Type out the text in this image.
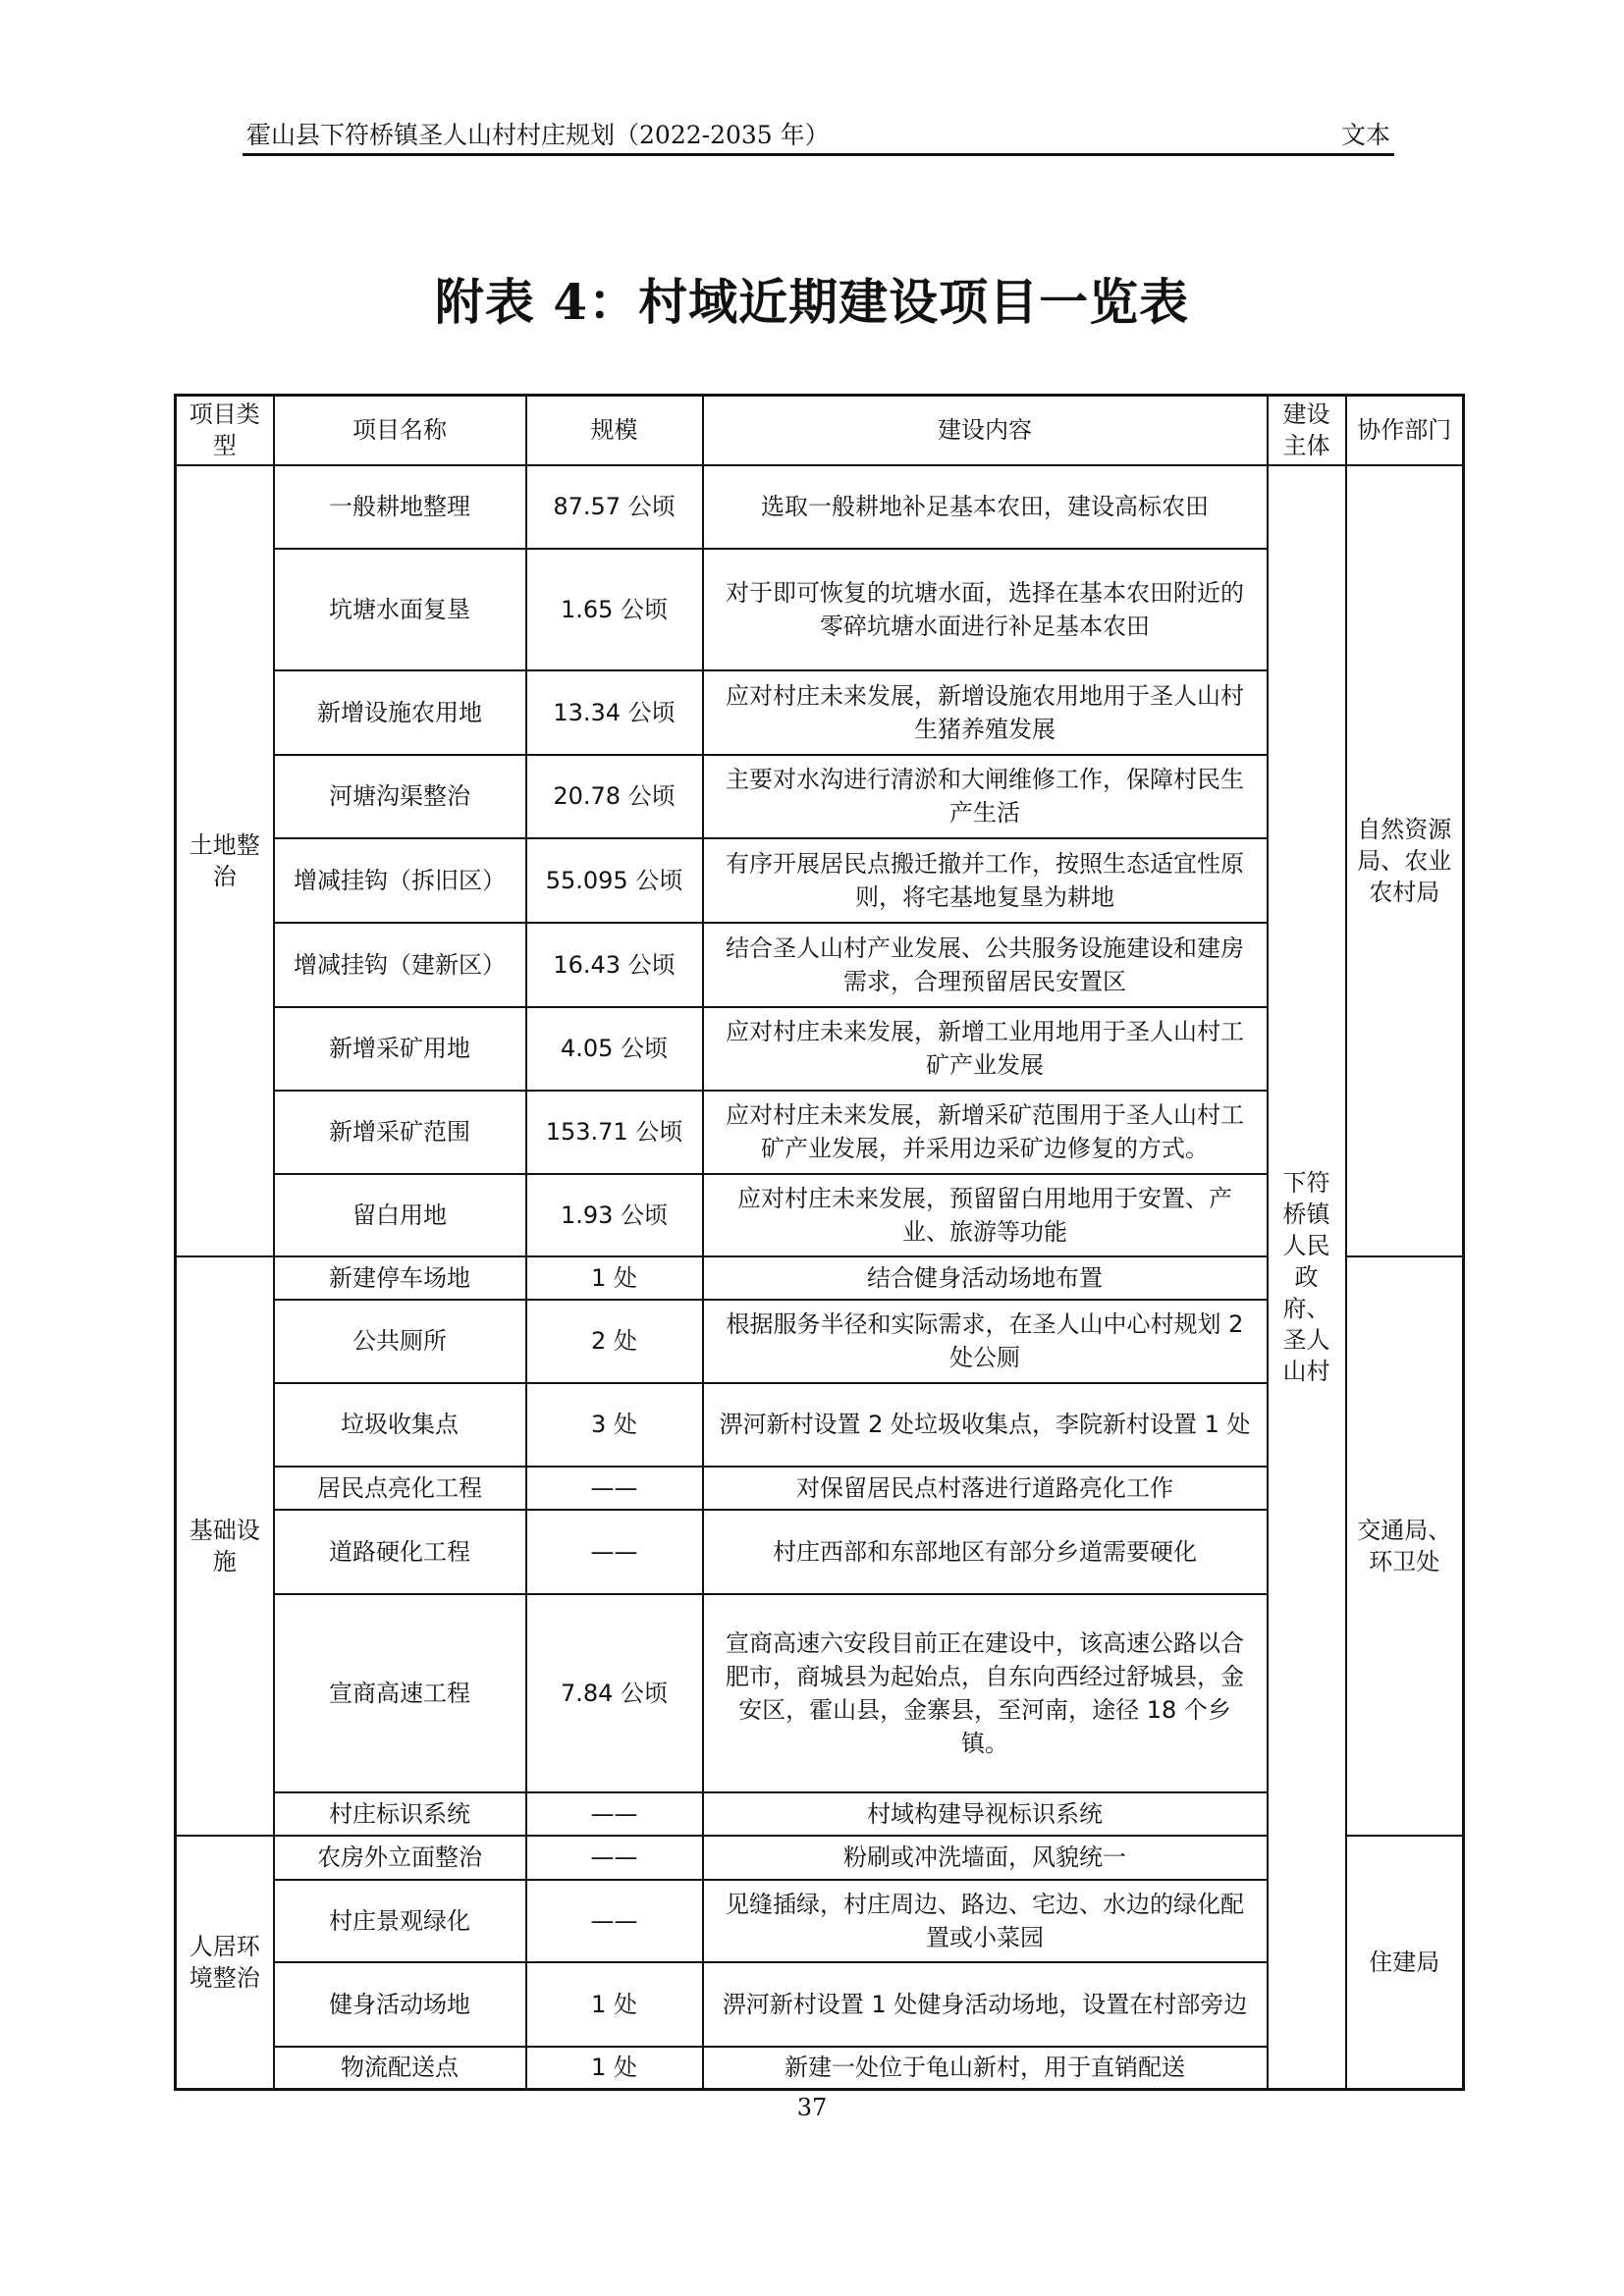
霍山县下符桥镇圣人山村村庄规划（2022-2035 年）	文本
附表 4：村域近期建设项目一览表
项目类型	项目名称	规模	建设内容	建设主体	协作部门
土地整治	一般耕地整理	87.57 公顷	选取一般耕地补足基本农田，建设高标农田	下符桥镇人民政府、圣人山村	自然资源局、农业农村局
	坑塘水面复垦	1.65 公顷	对于即可恢复的坑塘水面，选择在基本农田附近的零碎坑塘水面进行补足基本农田		
	新增设施农用地	13.34 公顷	应对村庄未来发展，新增设施农用地用于圣人山村生猪养殖发展		
	河塘沟渠整治	20.78 公顷	主要对水沟进行清淤和大闸维修工作，保障村民生产生活		
	增减挂钩（拆旧区）	55.095 公顷	有序开展居民点搬迁撤并工作，按照生态适宜性原则，将宅基地复垦为耕地		
	增减挂钩（建新区）	16.43 公顷	结合圣人山村产业发展、公共服务设施建设和建房需求，合理预留居民安置区		
	新增采矿用地	4.05 公顷	应对村庄未来发展，新增工业用地用于圣人山村工矿产业发展		
	新增采矿范围	153.71 公顷	应对村庄未来发展，新增采矿范围用于圣人山村工矿产业发展，并采用边采矿边修复的方式。		
	留白用地	1.93 公顷	应对村庄未来发展，预留留白用地用于安置、产业、旅游等功能		
基础设施	新建停车场地	1 处	结合健身活动场地布置		交通局、环卫处
	公共厕所	2 处	根据服务半径和实际需求，在圣人山中心村规划 2 处公厕		
	垃圾收集点	3 处	淠河新村设置 2 处垃圾收集点，李院新村设置 1 处		
	居民点亮化工程	——	对保留居民点村落进行道路亮化工作		
	道路硬化工程	——	村庄西部和东部地区有部分乡道需要硬化		
	宣商高速工程	7.84 公顷	宣商高速六安段目前正在建设中，该高速公路以合肥市，商城县为起始点，自东向西经过舒城县，金安区，霍山县，金寨县，至河南，途径 18 个乡镇。		
	村庄标识系统	——	村域构建导视标识系统		
人居环境整治	农房外立面整治	——	粉刷或冲洗墙面，风貌统一		住建局
	村庄景观绿化	——	见缝插绿，村庄周边、路边、宅边、水边的绿化配置或小菜园		
	健身活动场地	1 处	淠河新村设置 1 处健身活动场地，设置在村部旁边		
	物流配送点	1 处	新建一处位于龟山新村，用于直销配送		
37
